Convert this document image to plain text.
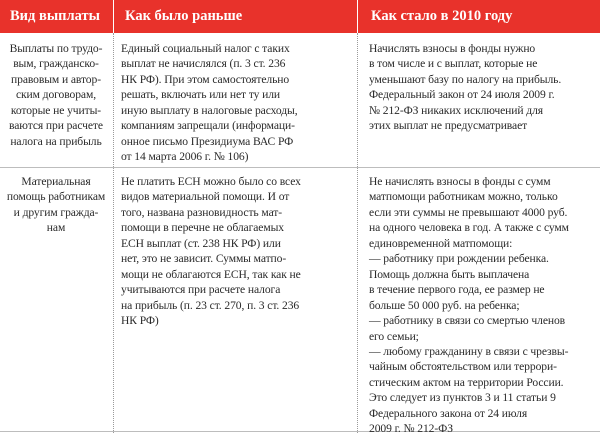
Вид выплаты	Как было раньше	Как стало в 2010 году
Выплаты по трудо-
вым, гражданско-
правовым и автор-
ским договорам,
которые не учиты-
ваются при расчете
налога на прибыль
Единый социальный налог с таких
выплат не начислялся (п. 3 ст. 236
НК РФ). При этом самостоятельно
решать, включать или нет ту или
иную выплату в налоговые расходы,
компаниям запрещали (информаци-
онное письмо Президиума ВАС РФ
от 14 марта 2006 г. № 106)
Начислять взносы в фонды нужно
в том числе и с выплат, которые не
уменьшают базу по налогу на прибыль.
Федеральный закон от 24 июля 2009 г.
№ 212-ФЗ никаких исключений для
этих выплат не предусматривает
Материальная
помощь работникам
и другим гражда-
нам
Не платить ЕСН можно было со всех
видов материальной помощи. И от
того, названа разновидность мат-
помощи в перечне не облагаемых
ЕСН выплат (ст. 238 НК РФ) или
нет, это не зависит. Суммы матпо-
мощи не облагаются ЕСН, так как не
учитываются при расчете налога
на прибыль (п. 23 ст. 270, п. 3 ст. 236
НК РФ)
Не начислять взносы в фонды с сумм
матпомощи работникам можно, только
если эти суммы не превышают 4000 руб.
на одного человека в год. А также с сумм
единовременной матпомощи:
— работнику при рождении ребенка.
Помощь должна быть выплачена
в течение первого года, ее размер не
больше 50 000 руб. на ребенка;
— работнику в связи со смертью членов
его семьи;
— любому гражданину в связи с чрезвы-
чайным обстоятельством или террори-
стическим актом на территории России.
Это следует из пунктов 3 и 11 статьи 9
Федерального закона от 24 июля
2009 г. № 212-ФЗ
